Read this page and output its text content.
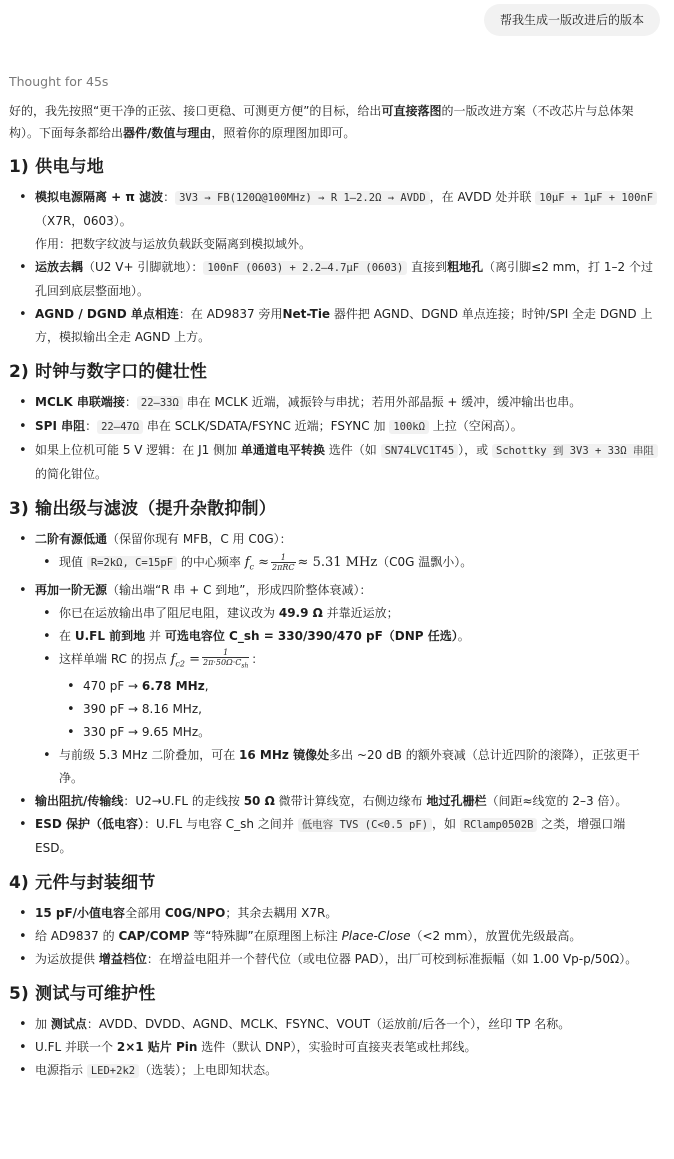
帮我生成一版改进后的版本
Thought for 45s

好的，我先按照“更干净的正弦、接口更稳、可测更方便”的目标，给出可直接落图的一版改进方案（不改芯片与总体架构）。下面每条都给出器件/数值与理由，照着你的原理图加即可。

1) 供电与地
• 模拟电源隔离 + π 滤波： 3V3 → FB(120Ω@100MHz) → R 1–2.2Ω → AVDD ，在 AVDD 处并联 10μF + 1μF + 100nF（X7R，0603）。
作用：把数字纹波与运放负载跃变隔离到模拟域外。
• 运放去耦（U2 V+ 引脚就地）： 100nF (0603) + 2.2–4.7μF (0603) 直接到粗地孔（离引脚≤2 mm，打 1–2 个过孔回到底层整面地）。
• AGND / DGND 单点相连：在 AD9837 旁用Net-Tie 器件把 AGND、DGND 单点连接；时钟/SPI 全走 DGND 上方，模拟输出全走 AGND 上方。
2) 时钟与数字口的健壮性
• MCLK 串联端接： 22–33Ω 串在 MCLK 近端，减振铃与串扰；若用外部晶振 + 缓冲，缓冲输出也串。
• SPI 串阻： 22–47Ω 串在 SCLK/SDATA/FSYNC 近端；FSYNC 加 100kΩ 上拉（空闲高）。
• 如果上位机可能 5 V 逻辑：在 J1 侧加 单通道电平转换 选件（如 SN74LVC1T45 ），或 Schottky 到 3V3 + 33Ω 串阻 的简化钳位。
3) 输出级与滤波（提升杂散抑制）
• 二阶有源低通（保留你现有 MFB，C 用 C0G）：
• 现值 R=2kΩ, C=15pF 的中心频率 $f_c \approx \frac{1}{\text{2πRC}} \approx 5.31$ MHz（C0G 温飘小）。
• 再加一阶无源（输出端“R 串 + C 到地”，形成四阶整体衰减）：
• 你已在运放输出串了阻尼电阻，建议改为 49.9 Ω 并靠近运放；
• 在 U.FL 前到地 并 可选电容位 C_sh = 330/390/470 pF（DNP 任选）。
• 这样单端 RC 的拐点 $f_{c2} = \frac{1}{2\pi\cdot 50\Omega\cdot C_{sh}}$ ：
• 470 pF → 6.78 MHz,
• 390 pF → 8.16 MHz,
• 330 pF → 9.65 MHz。
• 与前级 5.3 MHz 二阶叠加，可在 16 MHz 镜像处多出 ~20 dB 的额外衰减（总计近四阶的滚降），正弦更干净。
• 输出阻抗/传输线：U2→U.FL 的走线按 50 Ω 微带计算线宽，右侧边缘布 地过孔栅栏（间距≈线宽的 2–3 倍）。
• ESD 保护（低电容）：U.FL 与电容 C_sh 之间并 低电容 TVS (C<0.5 pF) ，如 RClamp0502B 之类，增强口端 ESD。
4) 元件与封装细节
• 15 pF/小值电容全部用 C0G/NPO；其余去耦用 X7R。
• 给 AD9837 的 CAP/COMP 等“特殊脚”在原理图上标注 Place-Close（<2 mm），放置优先级最高。
• 为运放提供 增益档位：在增益电阻并一个替代位（或电位器 PAD），出厂可校到标准振幅（如 1.00 Vp-p/50Ω）。
5) 测试与可维护性
• 加 测试点：AVDD、DVDD、AGND、MCLK、FSYNC、VOUT（运放前/后各一个），丝印 TP 名称。
• U.FL 并联一个 2×1 贴片 Pin 选件（默认 DNP），实验时可直接夹表笔或杜邦线。
• 电源指示 LED+2k2 （选装）；上电即知状态。
